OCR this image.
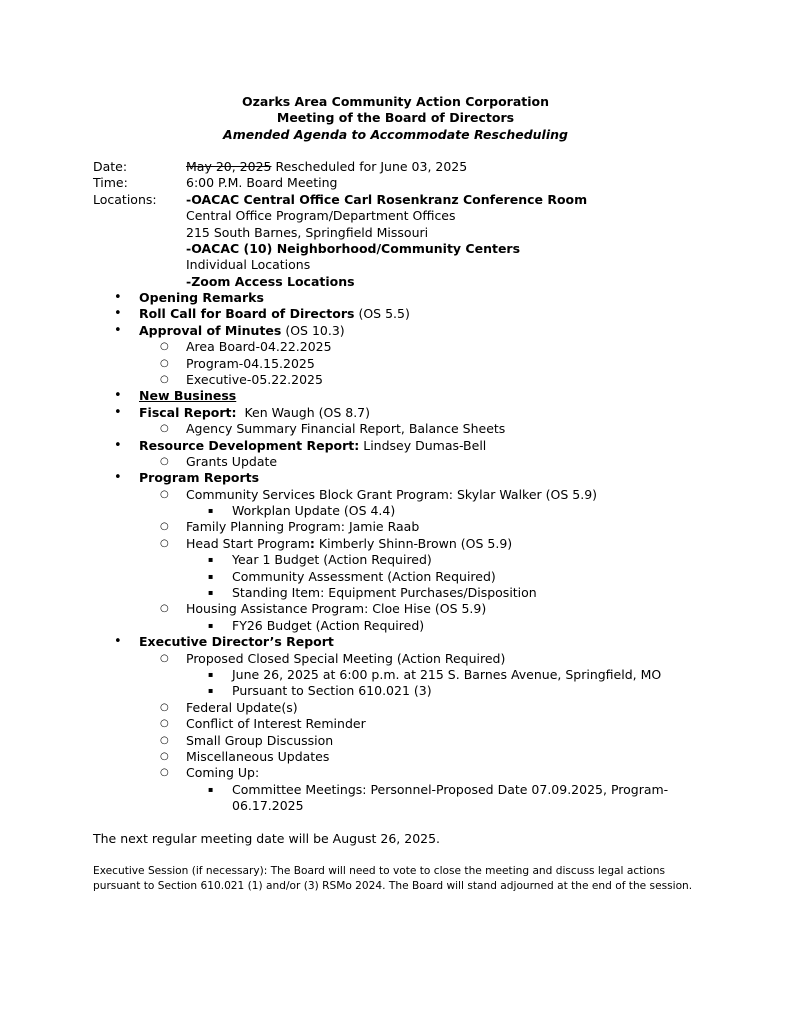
Ozarks Area Community Action Corporation
Meeting of the Board of Directors
Amended Agenda to Accommodate Rescheduling
Date:	May 20, 2025 Rescheduled for June 03, 2025
Time:	6:00 P.M. Board Meeting
Locations:	-OACAC Central Office Carl Rosenkranz Conference Room
Central Office Program/Department Offices
215 South Barnes, Springfield Missouri
-OACAC (10) Neighborhood/Community Centers
Individual Locations
-Zoom Access Locations
• Opening Remarks
• Roll Call for Board of Directors (OS 5.5)
• Approval of Minutes (OS 10.3)
○ Area Board-04.22.2025
○ Program-04.15.2025
○ Executive-05.22.2025
• New Business
• Fiscal Report:  Ken Waugh (OS 8.7)
○ Agency Summary Financial Report, Balance Sheets
• Resource Development Report: Lindsey Dumas-Bell
○ Grants Update
• Program Reports
○ Community Services Block Grant Program: Skylar Walker (OS 5.9)
▪ Workplan Update (OS 4.4)
○ Family Planning Program: Jamie Raab
○ Head Start Program: Kimberly Shinn-Brown (OS 5.9)
▪ Year 1 Budget (Action Required)
▪ Community Assessment (Action Required)
▪ Standing Item: Equipment Purchases/Disposition
○ Housing Assistance Program: Cloe Hise (OS 5.9)
▪ FY26 Budget (Action Required)
• Executive Director’s Report
○ Proposed Closed Special Meeting (Action Required)
▪ June 26, 2025 at 6:00 p.m. at 215 S. Barnes Avenue, Springfield, MO
▪ Pursuant to Section 610.021 (3)
○ Federal Update(s)
○ Conflict of Interest Reminder
○ Small Group Discussion
○ Miscellaneous Updates
○ Coming Up:
▪ Committee Meetings: Personnel-Proposed Date 07.09.2025, Program-06.17.2025
The next regular meeting date will be August 26, 2025.
Executive Session (if necessary): The Board will need to vote to close the meeting and discuss legal actions pursuant to Section 610.021 (1) and/or (3) RSMo 2024. The Board will stand adjourned at the end of the session.
